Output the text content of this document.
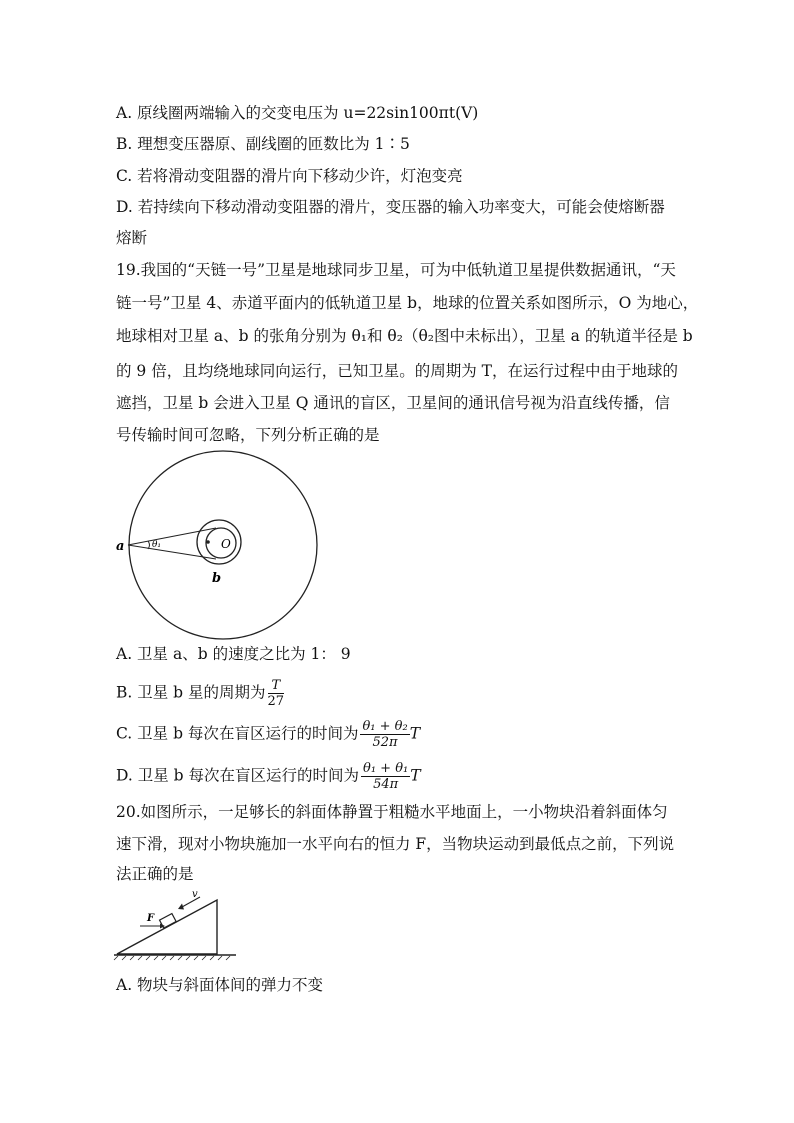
A. 原线圈两端输入的交变电压为 u=22sin100πt(V)
B. 理想变压器原、副线圈的匝数比为 1∶5
C. 若将滑动变阻器的滑片向下移动少许，灯泡变亮
D. 若持续向下移动滑动变阻器的滑片，变压器的输入功率变大，可能会使熔断器
熔断
19.我国的“天链一号”卫星是地球同步卫星，可为中低轨道卫星提供数据通讯，“天
链一号”卫星 4、赤道平面内的低轨道卫星 b，地球的位置关系如图所示，O 为地心，
地球相对卫星 a、b 的张角分别为 θ₁和 θ₂（θ₂图中未标出），卫星 a 的轨道半径是 b
的 9 倍，且均绕地球同向运行，已知卫星。的周期为 T，在运行过程中由于地球的
遮挡，卫星 b 会进入卫星 Q 通讯的盲区，卫星间的通讯信号视为沿直线传播，信
号传输时间可忽略，下列分析正确的是
a	θ₁	O
b
A. 卫星 a、b 的速度之比为 1： 9
B. 卫星 b 星的周期为 $\frac{T}{27}$
C. 卫星 b 每次在盲区运行的时间为 $\frac{\text{θ₁ + θ₂}}{52\pi}$ T
D. 卫星 b 每次在盲区运行的时间为 $\frac{\text{θ₁ + θ₁}}{54\pi}$ T
20.如图所示，一足够长的斜面体静置于粗糙水平地面上，一小物块沿着斜面体匀
速下滑，现对小物块施加一水平向右的恒力 F，当物块运动到最低点之前，下列说
法正确的是
F
v
A. 物块与斜面体间的弹力不变
